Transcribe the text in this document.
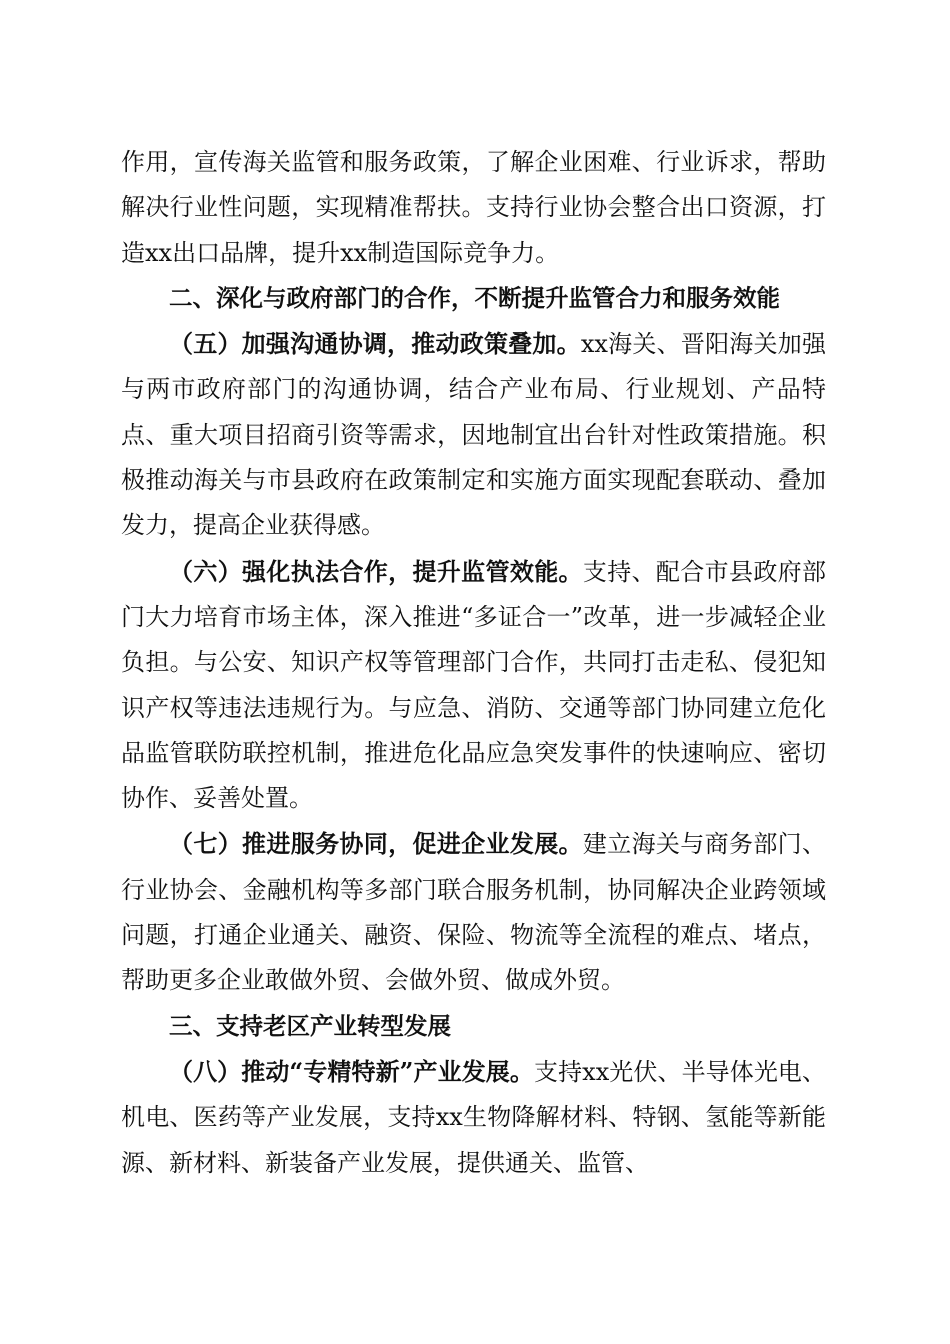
作用，宣传海关监管和服务政策，了解企业困难、行业诉求，帮助解决行业性问题，实现精准帮扶。支持行业协会整合出口资源，打造xx出口品牌，提升xx制造国际竞争力。

二、深化与政府部门的合作，不断提升监管合力和服务效能

（五）加强沟通协调，推动政策叠加。xx海关、晋阳海关加强与两市政府部门的沟通协调，结合产业布局、行业规划、产品特点、重大项目招商引资等需求，因地制宜出台针对性政策措施。积极推动海关与市县政府在政策制定和实施方面实现配套联动、叠加发力，提高企业获得感。

（六）强化执法合作，提升监管效能。支持、配合市县政府部门大力培育市场主体，深入推进“多证合一”改革，进一步减轻企业负担。与公安、知识产权等管理部门合作，共同打击走私、侵犯知识产权等违法违规行为。与应急、消防、交通等部门协同建立危化品监管联防联控机制，推进危化品应急突发事件的快速响应、密切协作、妥善处置。

（七）推进服务协同，促进企业发展。建立海关与商务部门、行业协会、金融机构等多部门联合服务机制，协同解决企业跨领域问题，打通企业通关、融资、保险、物流等全流程的难点、堵点，帮助更多企业敢做外贸、会做外贸、做成外贸。

三、支持老区产业转型发展

（八）推动“专精特新”产业发展。支持xx光伏、半导体光电、机电、医药等产业发展，支持xx生物降解材料、特钢、氢能等新能源、新材料、新装备产业发展，提供通关、监管、
